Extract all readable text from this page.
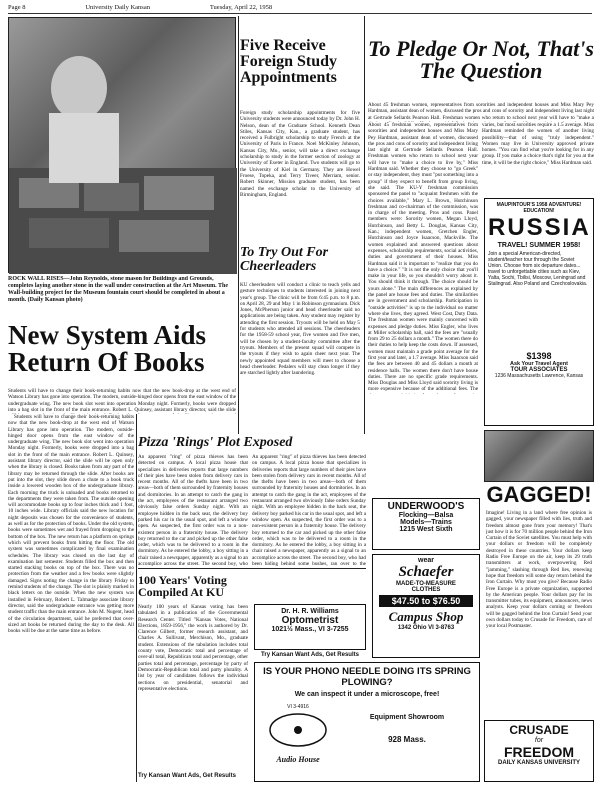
Page 8	University Daily Kansan	Tuesday, April 22, 1958
ROCK WALL RISES—John Reynolds, stone mason for Buildings and Grounds, completes laying another stone in the wall under construction at the Art Museum. The Wall-building project for the Museum fountain court should be completed in about a month. (Daily Kansan photo)
New System Aids Return Of Books
Students will have to change their book-returning habits now that the new book-drop at the west end of Watson Library has gone into operation. The modern, outside-hinged door opens from the east window of the undergraduate wing. The new book slot went into operation Monday night. Formerly, books were dropped into a bag slot in the front of the main entrance. Robert L. Quinsey, assistant library director, said the slide
Students will have to change their book-returning habits now that the new book-drop at the west end of Watson Library has gone into operation. The modern, outside-hinged door opens from the east window of the undergraduate wing. The new book slot went into operation Monday night. Formerly, books were dropped into a bag slot in the front of the main entrance. Robert L. Quinsey, assistant library director, said the slide will be open only when the library is closed. Books taken from any part of the library may be returned through the slide. After books are put into the slot, they slide down a chute to a book truck inside a lowered wooden box of the undergraduate library. Each morning the truck is unloaded and books returned to the departments they were taken from. The outside opening will accommodate books up to four inches thick and 1 foot, 10 inches wide. Library officials said the new location for night deposits was chosen for the convenience of students, as well as for the protection of books. Under the old system, books were sometimes wet and frayed from dropping to the bottom of the box. The new return has a platform on springs which will prevent books from hitting the floor. The old system was sometimes complicated by final examination schedules. The library was closed on the last day of examination last semester. Students filled the box and then started stacking books on top of the box. There was no protection from the weather and a few books were slightly damaged. Signs noting the change in the library Friday to remind students of the change. The slot is plainly marked in black letters on the outside. When the new system was installed in February, Robert L. Talmadge associate library director, said the undergraduate entrance was getting more student traffic than the main entrance. John M. Nugent, head of the circulation department, said he preferred that over-sized art books be returned during the day to the desk. All books will be due at the same time as before.
Pizza 'Rings' Plot Exposed
An apparent "ring" of pizza thieves has been detected on campus. A local pizza house that specializes in deliveries reports that large numbers of their pies have been stolen from delivery cars in recent months. All of the thefts have been in two areas—both of them surrounded by fraternity houses and dormitories. In an attempt to catch the gang in the act, employees of the restaurant arranged two obviously false orders Sunday night. With an employee hidden in the back seat, the delivery boy parked his car in the usual spot, and left a window open. As suspected, the first order was to a non-existent person in a fraternity house. The delivery boy returned to the car and picked up the other false order, which was to be delivered to a room in the dormitory. As he entered the lobby, a boy sitting in a chair raised a newspaper, apparently as a signal to an accomplice across the street. The second boy, who
An apparent "ring" of pizza thieves has been detected on campus. A local pizza house that specializes in deliveries reports that large numbers of their pies have been stolen from delivery cars in recent months. All of the thefts have been in two areas—both of them surrounded by fraternity houses and dormitories. In an attempt to catch the gang in the act, employees of the restaurant arranged two obviously false orders Sunday night. With an employee hidden in the back seat, the delivery boy parked his car in the usual spot, and left a window open. As suspected, the first order was to a non-existent person in a fraternity house. The delivery boy returned to the car and picked up the other false order, which was to be delivered to a room in the dormitory. As he entered the lobby, a boy sitting in a chair raised a newspaper, apparently as a signal to an accomplice across the street. The second boy, who had been hiding behind some bushes, ran over to the
100 Years' Voting Compiled At KU
Nearly 100 years of Kansas voting has been tabulated in a publication of the Governmental Research Center. Titled "Kansas Votes, National Elections, 1859-1956," the work is authored by Dr. Clarence Gilbert, former research assistant, and Charles A. Sullivant, Merchison, Mo., graduate student. Extensions of the tabulation includes total county vote, Democratic total and percentage of over-all total, Republican total and percentage, other parties total and percentage, percentage by party of Democratic-Republican total and party plurality. A list by year of candidates follows the individual sections on presidential, senatorial and representative elections.
Try Kansan Want Ads, Get Results
Dr. H. R. Williams
Optometrist
1021½ Mass., VI 3-7255
Try Kansan Want Ads, Get Results
Five Receive Foreign Study Appointments
Foreign study scholarship appointments for five University students were announced today by Dr. John H. Nelson, dean of the Graduate School. Kenneth Dean Stiles, Kansas City, Kan., a graduate student, has received a Fulbright scholarship to study French at the University of Paris in France. Noel McKinley Johnson, Kansas City, Mo., senior, will take a direct exchange scholarship to study in the former section of zoology at University of Exeter in England. Two students will go to the University of Kiel in Germany. They are Howel Froese, Topeka, and Terry Tiveer, Merriam, senior. Robert Skinner, Mission graduate student, has been named the exchange scholar to the University of Birmingham, England.
To Try Out For Cheerleaders
KU cheerleaders will conduct a clinic to teach yells and gesture techniques to students interested in joining next year's group. The clinic will be from 6:45 p.m. to 8 p.m. on April 28, 29 and May 1 in Robinson gymnasium. Dick Jones, McPherson junior and head cheerleader said no applications are being taken. Any student may register by attending the first session. Tryouts will be held on May 5 for students who attended all sessions. The cheerleaders for the 1958-59 school year, five women and five men, will be chosen by a student-faculty committee after the tryouts. Members of the present squad will compete in the tryouts if they wish to again cheer next year. The newly appointed squad members will meet to choose a head cheerleader. Pedalers will stay clean longer if they are starched lightly after laundering.
To Pledge Or Not, That's The Question
About 45 freshman women, representatives from sororities and independent houses and Miss Mary Pey Hardman, assistant dean of women, discussed the pros and cons of sorority and independent living last night at Gertrude Sellards Pearson Hall. Freshman women who return to school next year will have to "make a
About 45 freshman women, representatives from sororities and independent houses and Miss Mary Pey Hardman, assistant dean of women, discussed the pros and cons of sorority and independent living last night at Gertrude Sellards Pearson Hall. Freshman women who return to school next year will have to "make a choice to live by," Miss Hardman said. Whether they choose to "go Greek" or stay independent, they must "put something into a group" if they expect to benefit from group living, she said. The KU-Y freshman commission sponsored the panel to "acquaint freshmen with the choices available," Mary L. Brown, Hutchinson freshman and co-chairman of the commission, was in charge of the meeting. Pros and cons. Panel members were: Sorority women, Megan Lloyd, Hutchinson, and Betty L. Douglas, Kansas City, Kan.; independent women, Gretchen Engler, Hutchinson and Joyce Isaacson, Mackville. The women explained and answered questions about expenses, scholarship requirements, social activities, duties and government of their houses. Miss Hardman said it is important to "realize that you do have a choice." "It is not the only choice that you'll make in your life, so you shouldn't worry about it. You should think it through. The choice should be yours alone." The main differences as explained by the panel are house fees and duties. The similarities are in government and scholarship. Participation in "outside activities" is up to the individual no matter where she lives, they agreed. West Cost, Duty Data. The freshman women were mainly concerned with expenses and pledge duties. Miss Engler, who lives at Miller scholarship hall, said the fees are "usually from 29 to 25 dollars a month." The women there do their duties to help keep the costs down. If assessed, women must maintain a grade point average for the first year and later, a 1.7 average. Miss Isaacson said the fees are between 40 and 45 dollars a month at residence halls. The women there don't have house duties. There are no specific grade requirements. Miss Douglas and Miss Lloyd said sorority living is more expensive because of the additional fees. The
varies, but most sororities require a 1.5 average. Miss Hardman reminded the women of another living possibility—that of using "truly independent." Women may live in University approved private homes. "You can find what you're looking for in any group. If you make a choice that's right for you at the time, it will be the right choice," Miss Hardman said.
MAUPINTOUR'S 1958 ADVENTURE! EDUCATION!
RUSSIA
TRAVEL! SUMMER 1958!
Join a special American-directed, student/teacher tour through the Soviet Union. Choose from six departure dates... travel to unforgettable cities such as Kiev, Yalta, Sochi, Tbilisi, Moscow, Leningrad and Stalingrad. Also Poland and Czechoslovakia.
$1398
Ask Your Travel Agent
TOUR ASSOCIATES
1236 Massachusetts Lawrence, Kansas
UNDERWOOD'S
Flocking—Balsa
Models—Trains
1215 West Sixth
wear
Schaefer
MADE-TO-MEASURE
CLOTHES
$47.50 to $76.50
Campus Shop
1342 Ohio VI 3-8763
GAGGED!
Imagine! Living in a land where free opinion is gagged, your newspaper filled with lies, truth and freedom almost gone from your memory! That's just how it is for 70 million people behind the Iron Curtain of the Soviet satellites. You must help with your dollars or freedom will be completely destroyed in these countries. Your dollars keep Radio Free Europe on the air, keep its 29 truth transmitters at work, overpowering Red "jamming," slashing through Red lies, renewing hope that freedom will some day return behind the Iron Curtain. Why must you give? Because Radio Free Europe is a private organization, supported by the American people. Your dollars pay for its transmitter tubes, its equipment, announcers, news analysts. Keep your dollars coming or freedom will be gagged behind the Iron Curtain! Send your own dollars today to Crusade for Freedom, care of your local Postmaster.
CRUSADE
for
FREEDOM
DAILY KANSAS UNIVERSITY
IS YOUR PHONO NEEDLE DOING ITS SPRING PLOWING?
We can inspect it under a microscope, free!
VI 3-4916
Audio House
Equipment Showroom
928 Mass.
